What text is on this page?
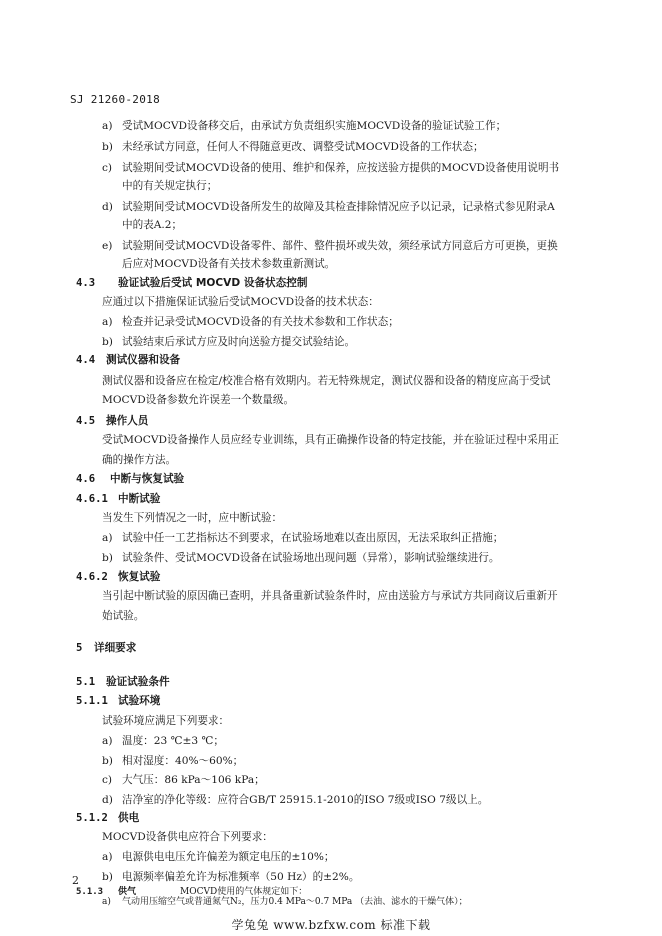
SJ 21260-2018
a) 受试MOCVD设备移交后，由承试方负责组织实施MOCVD设备的验证试验工作；
b) 未经承试方同意，任何人不得随意更改、调整受试MOCVD设备的工作状态；
c) 试验期间受试MOCVD设备的使用、维护和保养，应按送验方提供的MOCVD设备使用说明书
中的有关规定执行；
d) 试验期间受试MOCVD设备所发生的故障及其检查排除情况应予以记录，记录格式参见附录A
中的表A.2；
e) 试验期间受试MOCVD设备零件、部件、整件损坏或失效，须经承试方同意后方可更换，更换
后应对MOCVD设备有关技术参数重新测试。
4.3 验证试验后受试 MOCVD 设备状态控制
应通过以下措施保证试验后受试MOCVD设备的技术状态：
a) 检查并记录受试MOCVD设备的有关技术参数和工作状态；
b) 试验结束后承试方应及时向送验方提交试验结论。
4.4 测试仪器和设备
测试仪器和设备应在检定/校准合格有效期内。若无特殊规定，测试仪器和设备的精度应高于受试
MOCVD设备参数允许误差一个数量级。
4.5 操作人员
受试MOCVD设备操作人员应经专业训练，具有正确操作设备的特定技能，并在验证过程中采用正
确的操作方法。
4.6 中断与恢复试验
4.6.1 中断试验
当发生下列情况之一时，应中断试验：
a) 试验中任一工艺指标达不到要求，在试验场地难以查出原因，无法采取纠正措施；
b) 试验条件、受试MOCVD设备在试验场地出现问题（异常），影响试验继续进行。
4.6.2 恢复试验
当引起中断试验的原因确已查明，并具备重新试验条件时，应由送验方与承试方共同商议后重新开
始试验。
5 详细要求
5.1 验证试验条件
5.1.1 试验环境
试验环境应满足下列要求：
a) 温度：23 ℃±3 ℃；
b) 相对湿度：40%～60%；
c) 大气压：86 kPa～106 kPa；
d) 洁净室的净化等级：应符合GB/T 25915.1-2010的ISO 7级或ISO 7级以上。
5.1.2 供电
MOCVD设备供电应符合下列要求：
a) 电源供电电压允许偏差为额定电压的±10%；
b) 电源频率偏差允许为标准频率（50 Hz）的±2%。
5.1.3 供气	MOCVD使用的气体规定如下：
a) 气动用压缩空气或普通氮气N₂，压力0.4 MPa～0.7 MPa （去油、滤水的干燥气体）；
2
学兔兔 www.bzfxw.com 标准下载
